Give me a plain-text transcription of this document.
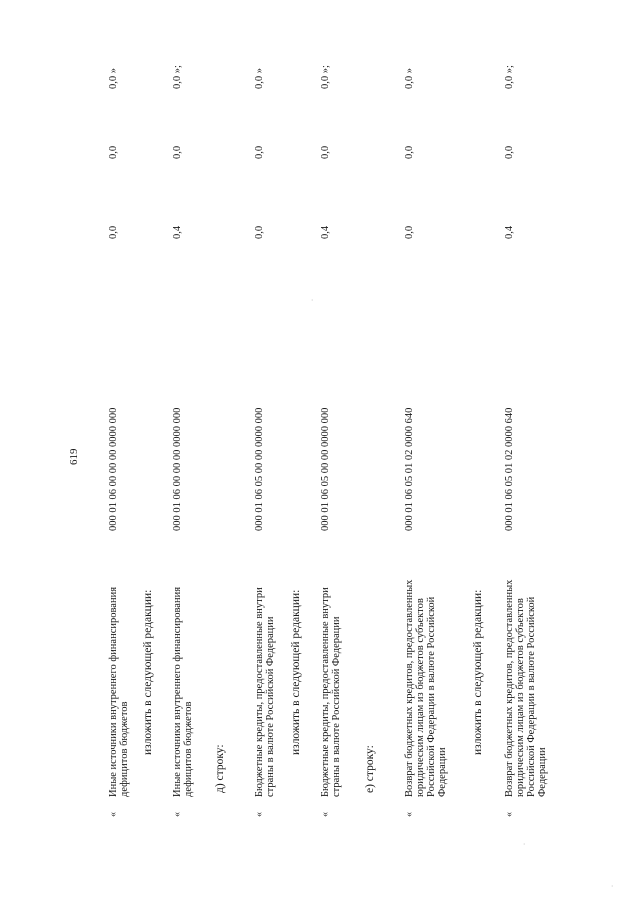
619
«
Иные источники внутреннего финансирования дефицитов бюджетов
000 01 06 00 00 00 0000 000
0,0
0,0
0,0 »
изложить в следующей редакции:
«
Иные источники внутреннего финансирования дефицитов бюджетов
000 01 06 00 00 00 0000 000
0,4
0,0
0,0 »;
д) строку:
«
Бюджетные кредиты, предоставленные внутри страны в валюте Российской Федерации
000 01 06 05 00 00 0000 000
0,0
0,0
0,0 »
изложить в следующей редакции:
«
Бюджетные кредиты, предоставленные внутри страны в валюте Российской Федерации
000 01 06 05 00 00 0000 000
0,4
0,0
0,0 »;
е) строку:
«
Возврат бюджетных кредитов, предоставленных юридическим лицам из бюджетов субъектов Российской Федерации в валюте Российской Федерации
000 01 06 05 01 02 0000 640
0,0
0,0
0,0 »
изложить в следующей редакции:
«
Возврат бюджетных кредитов, предоставленных юридическим лицам из бюджетов субъектов Российской Федерации в валюте Российской Федерации
000 01 06 05 01 02 0000 640
0,4
0,0
0,0 »;
·
·
·
